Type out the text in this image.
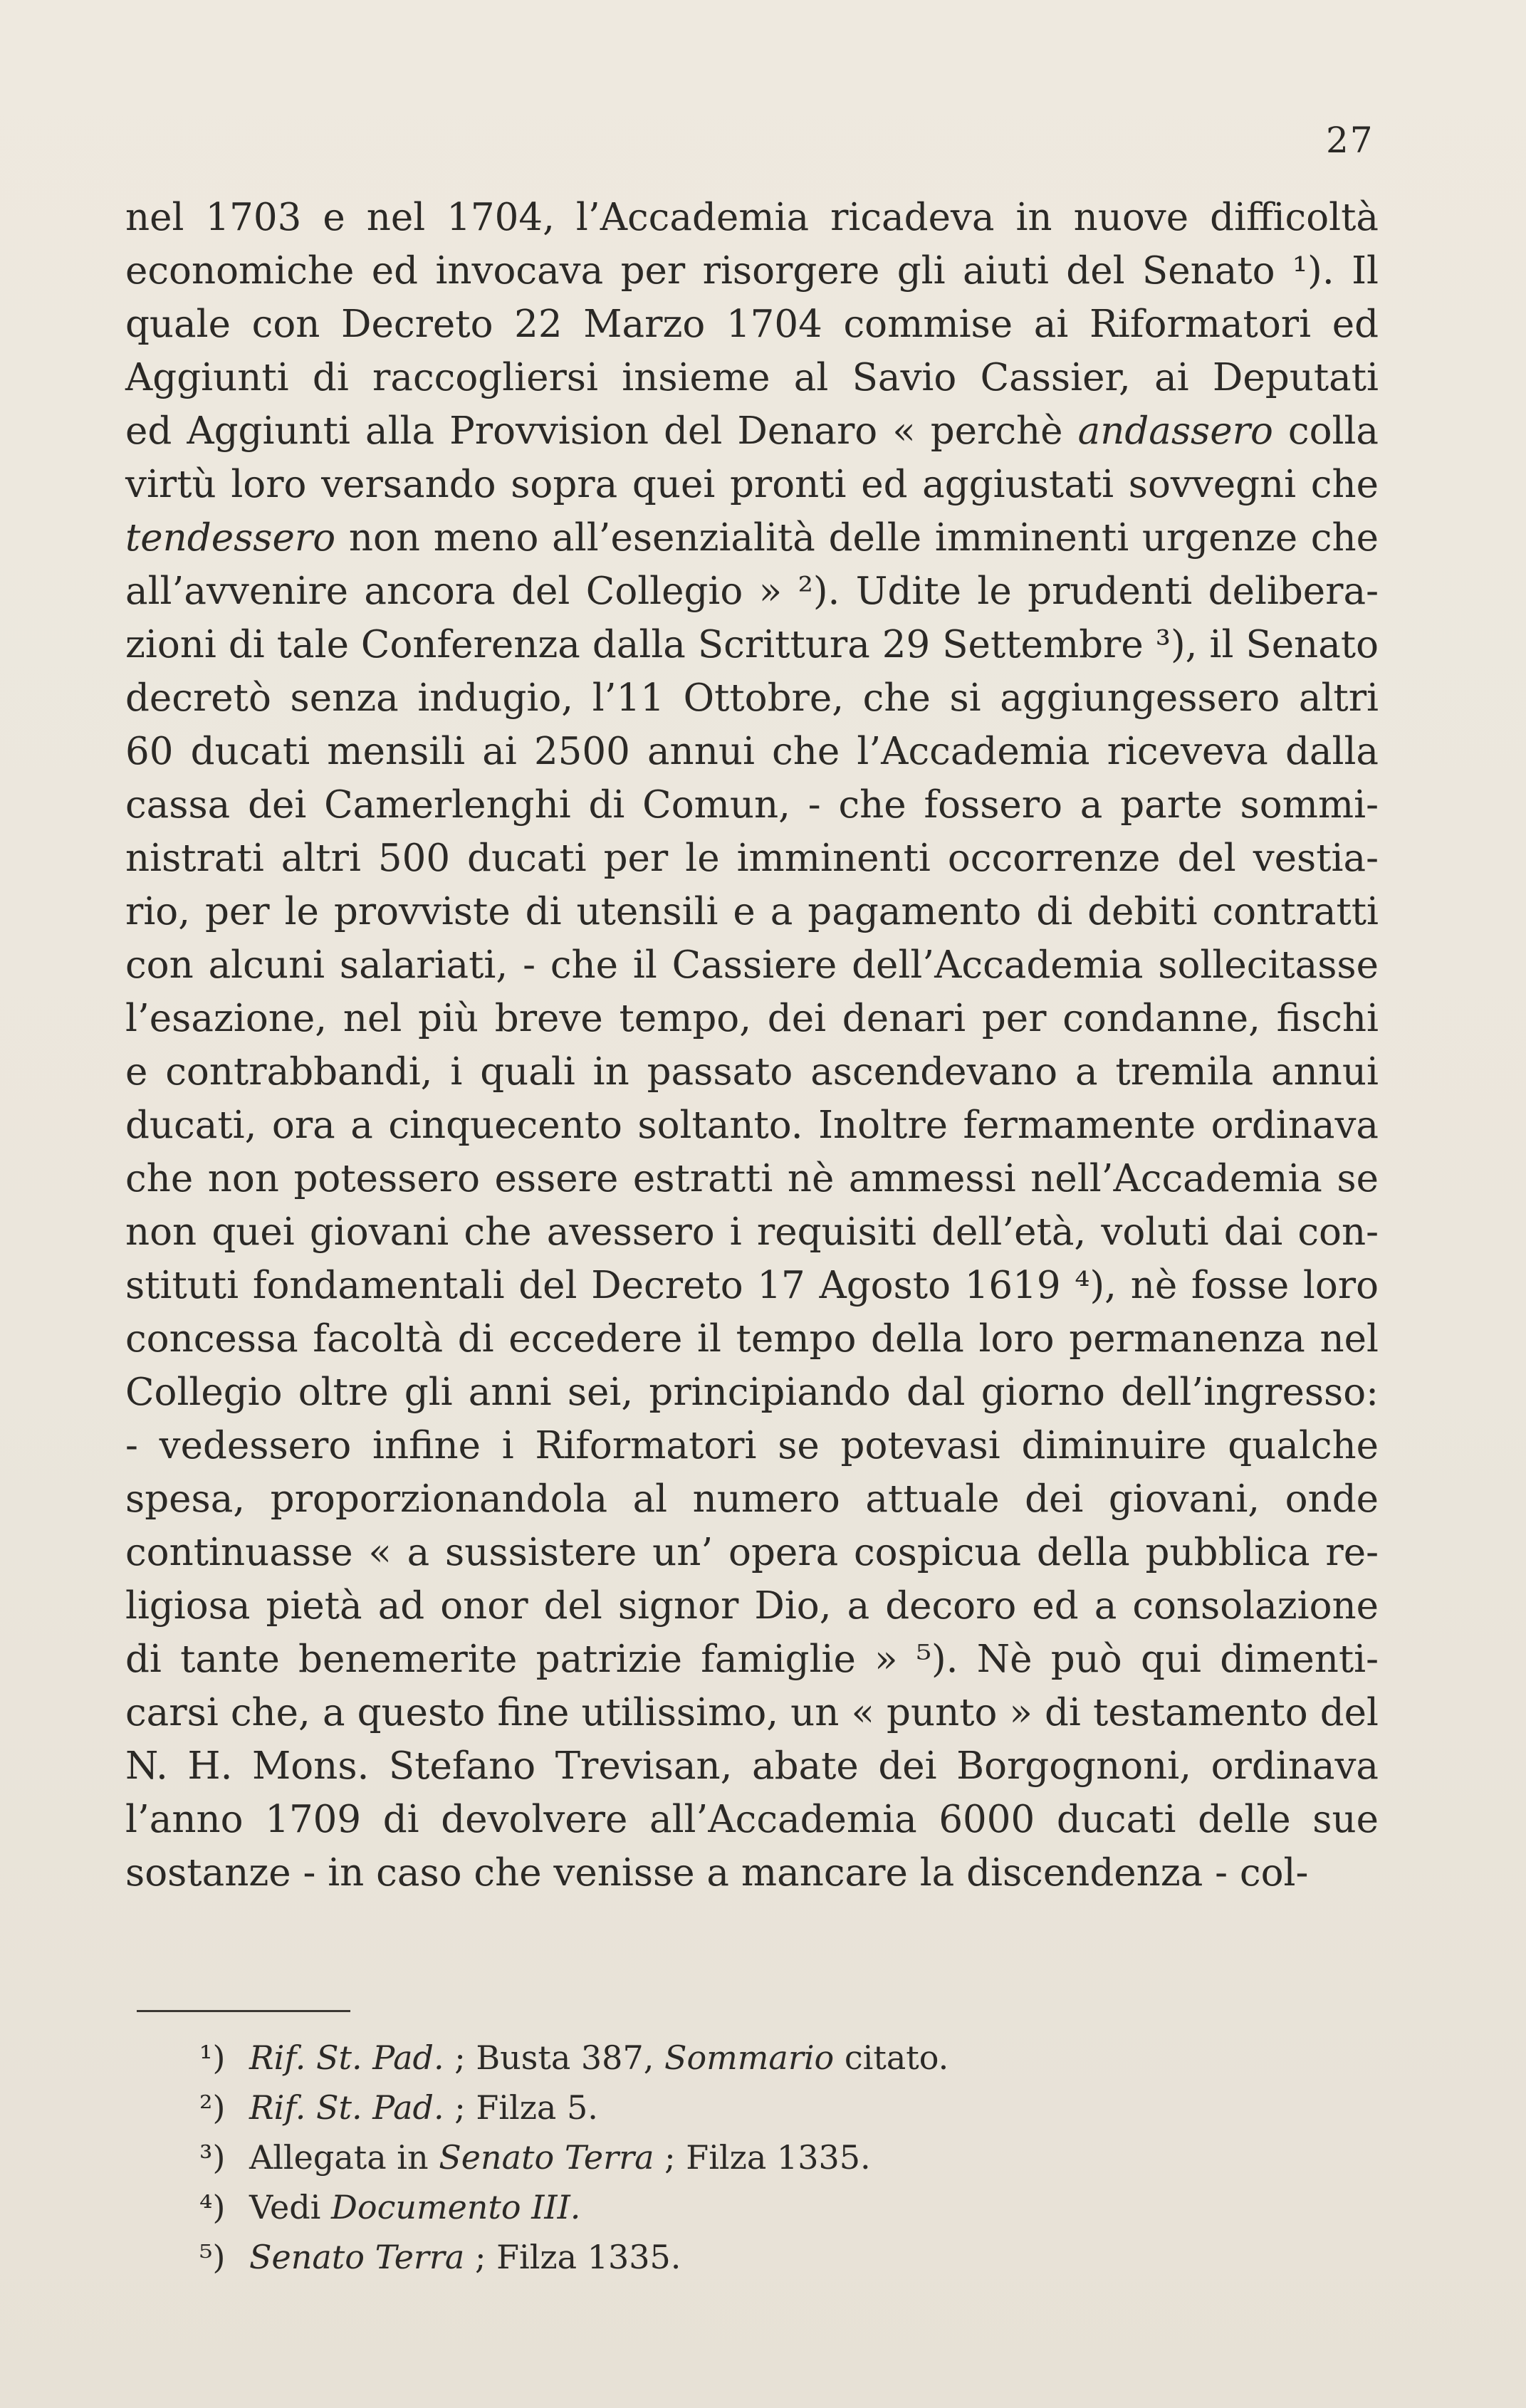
27
nel 1703 e nel 1704, l’Accademia ricadeva in nuove difficoltà
economiche ed invocava per risorgere gli aiuti del Senato ¹). Il
quale con Decreto 22 Marzo 1704 commise ai Riformatori ed
Aggiunti di raccogliersi insieme al Savio Cassier, ai Deputati
ed Aggiunti alla Provvision del Denaro « perchè andassero colla
virtù loro versando sopra quei pronti ed aggiustati sovvegni che
tendessero non meno all’esenzialità delle imminenti urgenze che
all’avvenire ancora del Collegio » ²). Udite le prudenti delibera-
zioni di tale Conferenza dalla Scrittura 29 Settembre ³), il Senato
decretò senza indugio, l’11 Ottobre, che si aggiungessero altri
60 ducati mensili ai 2500 annui che l’Accademia riceveva dalla
cassa dei Camerlenghi di Comun, - che fossero a parte sommi-
nistrati altri 500 ducati per le imminenti occorrenze del vestia-
rio, per le provviste di utensili e a pagamento di debiti contratti
con alcuni salariati, - che il Cassiere dell’Accademia sollecitasse
l’esazione, nel più breve tempo, dei denari per condanne, fischi
e contrabbandi, i quali in passato ascendevano a tremila annui
ducati, ora a cinquecento soltanto. Inoltre fermamente ordinava
che non potessero essere estratti nè ammessi nell’Accademia se
non quei giovani che avessero i requisiti dell’età, voluti dai con-
stituti fondamentali del Decreto 17 Agosto 1619 ⁴), nè fosse loro
concessa facoltà di eccedere il tempo della loro permanenza nel
Collegio oltre gli anni sei, principiando dal giorno dell’ingresso:
- vedessero infine i Riformatori se potevasi diminuire qualche
spesa, proporzionandola al numero attuale dei giovani, onde
continuasse « a sussistere un’ opera cospicua della pubblica re-
ligiosa pietà ad onor del signor Dio, a decoro ed a consolazione
di tante benemerite patrizie famiglie » ⁵). Nè può qui dimenti-
carsi che, a questo fine utilissimo, un « punto » di testamento del
N. H. Mons. Stefano Trevisan, abate dei Borgognoni, ordinava
l’anno 1709 di devolvere all’Accademia 6000 ducati delle sue
sostanze - in caso che venisse a mancare la discendenza - col-
¹) Rif. St. Pad. ; Busta 387, Sommario citato.
²) Rif. St. Pad. ; Filza 5.
³) Allegata in Senato Terra ; Filza 1335.
⁴) Vedi Documento III.
⁵) Senato Terra ; Filza 1335.
